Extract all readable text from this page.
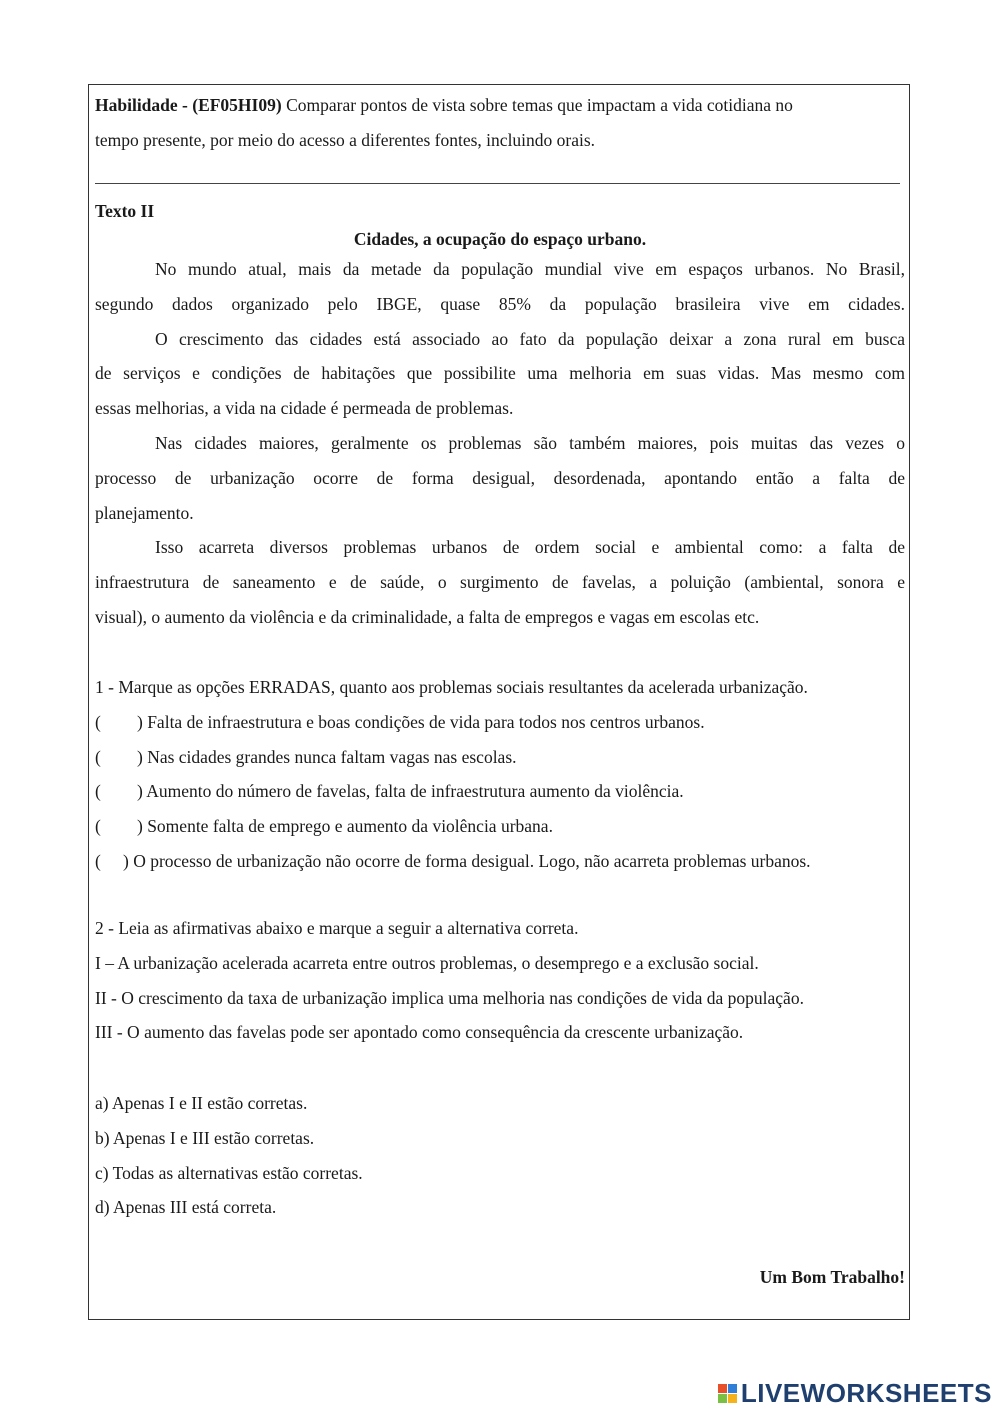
Habilidade - (EF05HI09) Comparar pontos de vista sobre temas que impactam a vida cotidiana no
tempo presente, por meio do acesso a diferentes fontes, incluindo orais.
Texto II
Cidades, a ocupação do espaço urbano.
No mundo atual, mais da metade da população mundial vive em espaços urbanos. No Brasil,
segundo dados organizado pelo IBGE, quase 85% da população brasileira vive em cidades.
O crescimento das cidades está associado ao fato da população deixar a zona rural em busca
de serviços e condições de habitações que possibilite uma melhoria em suas vidas. Mas mesmo com
essas melhorias, a vida na cidade é permeada de problemas.
Nas cidades maiores, geralmente os problemas são também maiores, pois muitas das vezes o
processo de urbanização ocorre de forma desigual, desordenada, apontando então a falta de
planejamento.
Isso acarreta diversos problemas urbanos de ordem social e ambiental como: a falta de
infraestrutura de saneamento e de saúde, o surgimento de favelas, a poluição (ambiental, sonora e
visual), o aumento da violência e da criminalidade, a falta de empregos e vagas em escolas etc.
1 - Marque as opções ERRADAS, quanto aos problemas sociais resultantes da acelerada urbanização.
( ) Falta de infraestrutura e boas condições de vida para todos nos centros urbanos.
( ) Nas cidades grandes nunca faltam vagas nas escolas.
( ) Aumento do número de favelas, falta de infraestrutura aumento da violência.
( ) Somente falta de emprego e aumento da violência urbana.
( ) O processo de urbanização não ocorre de forma desigual. Logo, não acarreta problemas urbanos.
2 - Leia as afirmativas abaixo e marque a seguir a alternativa correta.
I – A urbanização acelerada acarreta entre outros problemas, o desemprego e a exclusão social.
II - O crescimento da taxa de urbanização implica uma melhoria nas condições de vida da população.
III - O aumento das favelas pode ser apontado como consequência da crescente urbanização.
a) Apenas I e II estão corretas.
b) Apenas I e III estão corretas.
c) Todas as alternativas estão corretas.
d) Apenas III está correta.
Um Bom Trabalho!
LIVEWORKSHEETS
